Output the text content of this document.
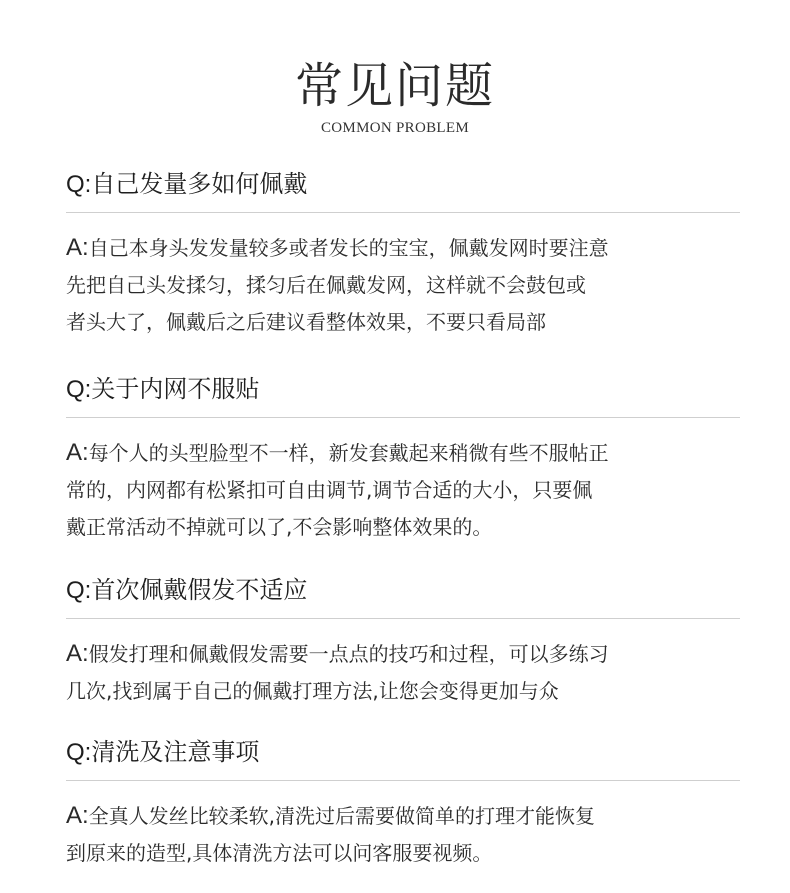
常见问题
COMMON PROBLEM
Q:自己发量多如何佩戴
A:自己本身头发发量较多或者发长的宝宝，佩戴发网时要注意
先把自己头发揉匀，揉匀后在佩戴发网，这样就不会鼓包或
者头大了，佩戴后之后建议看整体效果，不要只看局部
Q:关于内网不服贴
A:每个人的头型脸型不一样，新发套戴起来稍微有些不服帖正
常的，内网都有松紧扣可自由调节,调节合适的大小，只要佩
戴正常活动不掉就可以了,不会影响整体效果的。
Q:首次佩戴假发不适应
A:假发打理和佩戴假发需要一点点的技巧和过程，可以多练习
几次,找到属于自己的佩戴打理方法,让您会变得更加与众
Q:清洗及注意事项
A:全真人发丝比较柔软,清洗过后需要做简单的打理才能恢复
到原来的造型,具体清洗方法可以问客服要视频。
